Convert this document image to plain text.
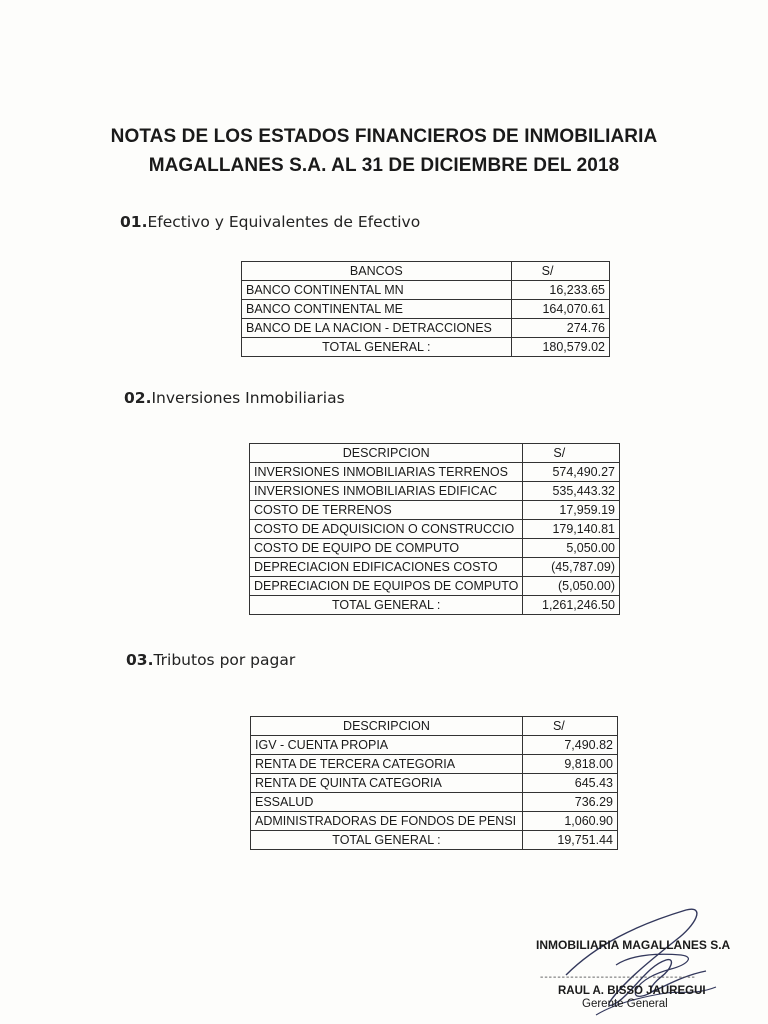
NOTAS DE LOS ESTADOS FINANCIEROS DE INMOBILIARIA
MAGALLANES S.A. AL 31 DE DICIEMBRE DEL 2018
01.Efectivo y Equivalentes de Efectivo
BANCOS	S/
BANCO CONTINENTAL MN	16,233.65
BANCO CONTINENTAL ME	164,070.61
BANCO DE LA NACION - DETRACCIONES	274.76
TOTAL GENERAL :	180,579.02
02.Inversiones Inmobiliarias
DESCRIPCION	S/
INVERSIONES INMOBILIARIAS TERRENOS	574,490.27
INVERSIONES INMOBILIARIAS EDIFICAC	535,443.32
COSTO DE TERRENOS	17,959.19
COSTO DE ADQUISICION O CONSTRUCCIO	179,140.81
COSTO DE EQUIPO DE COMPUTO	5,050.00
DEPRECIACION EDIFICACIONES COSTO	(45,787.09)
DEPRECIACION DE EQUIPOS DE COMPUTO	(5,050.00)
TOTAL GENERAL :	1,261,246.50
03.Tributos por pagar
DESCRIPCION	S/
IGV - CUENTA PROPIA	7,490.82
RENTA DE TERCERA CATEGORIA	9,818.00
RENTA DE QUINTA CATEGORIA	645.43
ESSALUD	736.29
ADMINISTRADORAS DE FONDOS DE PENSI	1,060.90
TOTAL GENERAL :	19,751.44
INMOBILIARIA MAGALLANES S.A
------------------------------------
RAUL A. BISSO JAUREGUI
Gerente General
